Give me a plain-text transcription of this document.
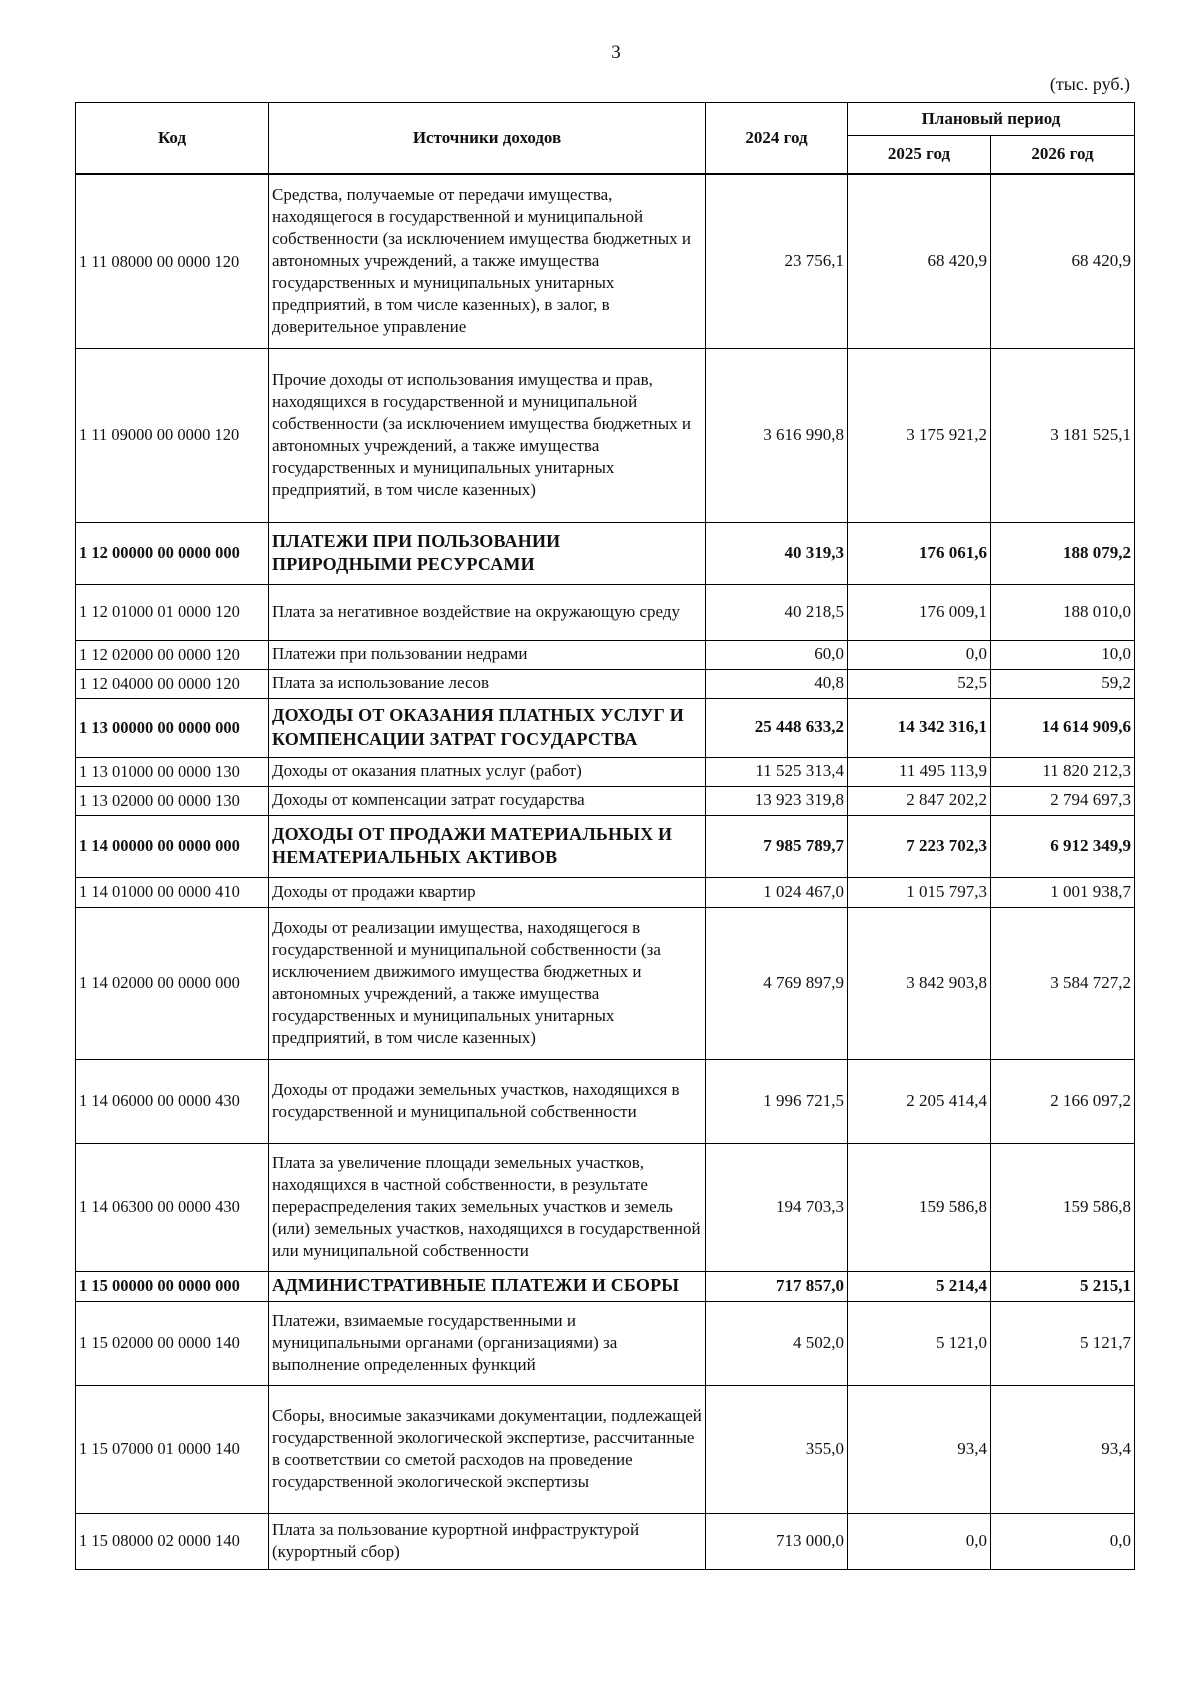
3
(тыс. руб.)
Код	Источники доходов	2024 год	Плановый период	
			2025 год	2026 год
1 11 08000 00 0000 120	Средства, получаемые от передачи имущества, находящегося в государственной и муниципальной собственности (за исключением имущества бюджетных и автономных учреждений, а также имущества государственных и муниципальных унитарных предприятий, в том числе казенных), в залог, в доверительное управление	23 756,1	68 420,9	68 420,9
1 11 09000 00 0000 120	Прочие доходы от использования имущества и прав, находящихся в государственной и муниципальной собственности (за исключением имущества бюджетных и автономных учреждений, а также имущества государственных и муниципальных унитарных предприятий, в том числе казенных)	3 616 990,8	3 175 921,2	3 181 525,1
1 12 00000 00 0000 000	ПЛАТЕЖИ ПРИ ПОЛЬЗОВАНИИ ПРИРОДНЫМИ РЕСУРСАМИ	40 319,3	176 061,6	188 079,2
1 12 01000 01 0000 120	Плата за негативное воздействие на окружающую среду	40 218,5	176 009,1	188 010,0
1 12 02000 00 0000 120	Платежи при пользовании недрами	60,0	0,0	10,0
1 12 04000 00 0000 120	Плата за использование лесов	40,8	52,5	59,2
1 13 00000 00 0000 000	ДОХОДЫ ОТ ОКАЗАНИЯ ПЛАТНЫХ УСЛУГ И КОМПЕНСАЦИИ ЗАТРАТ ГОСУДАРСТВА	25 448 633,2	14 342 316,1	14 614 909,6
1 13 01000 00 0000 130	Доходы от оказания платных услуг (работ)	11 525 313,4	11 495 113,9	11 820 212,3
1 13 02000 00 0000 130	Доходы от компенсации затрат государства	13 923 319,8	2 847 202,2	2 794 697,3
1 14 00000 00 0000 000	ДОХОДЫ ОТ ПРОДАЖИ МАТЕРИАЛЬНЫХ И НЕМАТЕРИАЛЬНЫХ АКТИВОВ	7 985 789,7	7 223 702,3	6 912 349,9
1 14 01000 00 0000 410	Доходы от продажи квартир	1 024 467,0	1 015 797,3	1 001 938,7
1 14 02000 00 0000 000	Доходы от реализации имущества, находящегося в государственной и муниципальной собственности (за исключением движимого имущества бюджетных и автономных учреждений, а также имущества государственных и муниципальных унитарных предприятий, в том числе казенных)	4 769 897,9	3 842 903,8	3 584 727,2
1 14 06000 00 0000 430	Доходы от продажи земельных участков, находящихся в государственной и муниципальной собственности	1 996 721,5	2 205 414,4	2 166 097,2
1 14 06300 00 0000 430	Плата за увеличение площади земельных участков, находящихся в частной собственности, в результате перераспределения таких земельных участков и земель (или) земельных участков, находящихся в государственной или муниципальной собственности	194 703,3	159 586,8	159 586,8
1 15 00000 00 0000 000	АДМИНИСТРАТИВНЫЕ ПЛАТЕЖИ И СБОРЫ	717 857,0	5 214,4	5 215,1
1 15 02000 00 0000 140	Платежи, взимаемые государственными и муниципальными органами (организациями) за выполнение определенных функций	4 502,0	5 121,0	5 121,7
1 15 07000 01 0000 140	Сборы, вносимые заказчиками документации, подлежащей государственной экологической экспертизе, рассчитанные в соответствии со сметой расходов на проведение государственной экологической экспертизы	355,0	93,4	93,4
1 15 08000 02 0000 140	Плата за пользование курортной инфраструктурой (курортный сбор)	713 000,0	0,0	0,0
